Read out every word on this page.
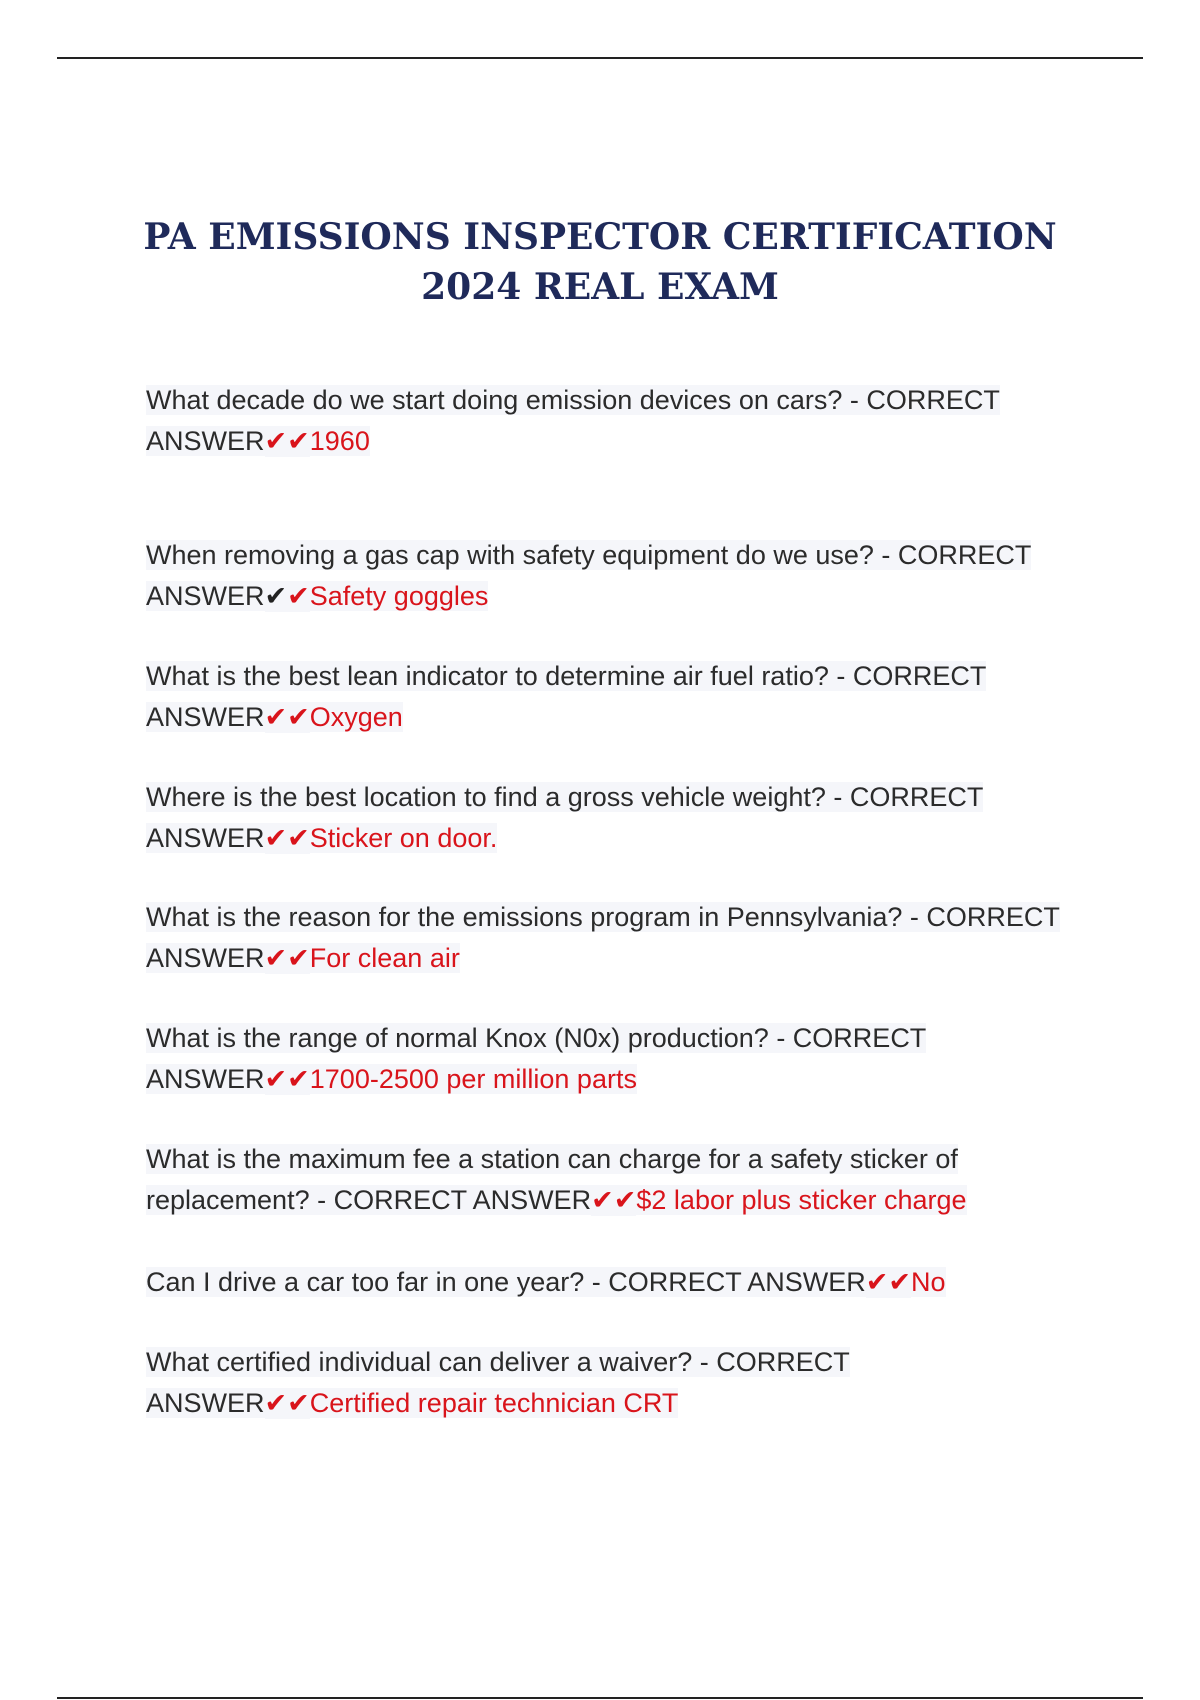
PA EMISSIONS INSPECTOR CERTIFICATION
2024 REAL EXAM
What decade do we start doing emission devices on cars? - CORRECT ANSWER✔✔1960
When removing a gas cap with safety equipment do we use? - CORRECT ANSWER✔✔Safety goggles
What is the best lean indicator to determine air fuel ratio? - CORRECT ANSWER✔✔Oxygen
Where is the best location to find a gross vehicle weight? - CORRECT ANSWER✔✔Sticker on door.
What is the reason for the emissions program in Pennsylvania? - CORRECT ANSWER✔✔For clean air
What is the range of normal Knox (N0x) production? - CORRECT ANSWER✔✔1700-2500 per million parts
What is the maximum fee a station can charge for a safety sticker of replacement? - CORRECT ANSWER✔✔$2 labor plus sticker charge
Can I drive a car too far in one year? - CORRECT ANSWER✔✔No
What certified individual can deliver a waiver? - CORRECT ANSWER✔✔Certified repair technician CRT
